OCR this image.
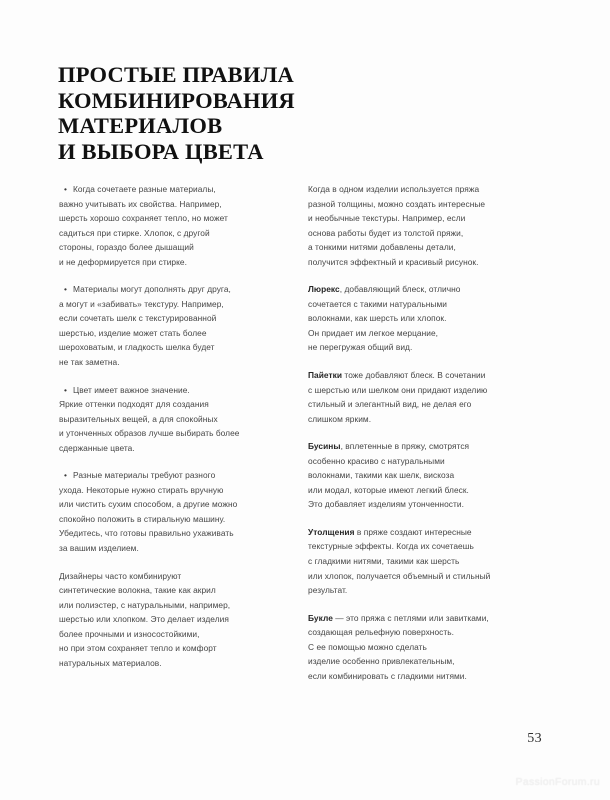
ПРОСТЫЕ ПРАВИЛА
КОМБИНИРОВАНИЯ
МАТЕРИАЛОВ
И ВЫБОРА ЦВЕТА

• Когда сочетаете разные материалы,
важно учитывать их свойства. Например,
шерсть хорошо сохраняет тепло, но может
садиться при стирке. Хлопок, с другой
стороны, гораздо более дышащий
и не деформируется при стирке.

• Материалы могут дополнять друг друга,
а могут и «забивать» текстуру. Например,
если сочетать шелк с текстурированной
шерстью, изделие может стать более
шероховатым, и гладкость шелка будет
не так заметна.

• Цвет имеет важное значение.
Яркие оттенки подходят для создания
выразительных вещей, а для спокойных
и утонченных образов лучше выбирать более
сдержанные цвета.

• Разные материалы требуют разного
ухода. Некоторые нужно стирать вручную
или чистить сухим способом, а другие можно
спокойно положить в стиральную машину.
Убедитесь, что готовы правильно ухаживать
за вашим изделием.

Дизайнеры часто комбинируют
синтетические волокна, такие как акрил
или полиэстер, с натуральными, например,
шерстью или хлопком. Это делает изделия
более прочными и износостойкими,
но при этом сохраняет тепло и комфорт
натуральных материалов.

Когда в одном изделии используется пряжа
разной толщины, можно создать интересные
и необычные текстуры. Например, если
основа работы будет из толстой пряжи,
а тонкими нитями добавлены детали,
получится эффектный и красивый рисунок.

Люрекс, добавляющий блеск, отлично
сочетается с такими натуральными
волокнами, как шерсть или хлопок.
Он придает им легкое мерцание,
не перегружая общий вид.

Пайетки тоже добавляют блеск. В сочетании
с шерстью или шелком они придают изделию
стильный и элегантный вид, не делая его
слишком ярким.

Бусины, вплетенные в пряжу, смотрятся
особенно красиво с натуральными
волокнами, такими как шелк, вискоза
или модал, которые имеют легкий блеск.
Это добавляет изделиям утонченности.

Утолщения в пряже создают интересные
текстурные эффекты. Когда их сочетаешь
с гладкими нитями, такими как шерсть
или хлопок, получается объемный и стильный
результат.

Букле — это пряжа с петлями или завитками,
создающая рельефную поверхность.
С ее помощью можно сделать
изделие особенно привлекательным,
если комбинировать с гладкими нитями.

53
PassionForum.ru
